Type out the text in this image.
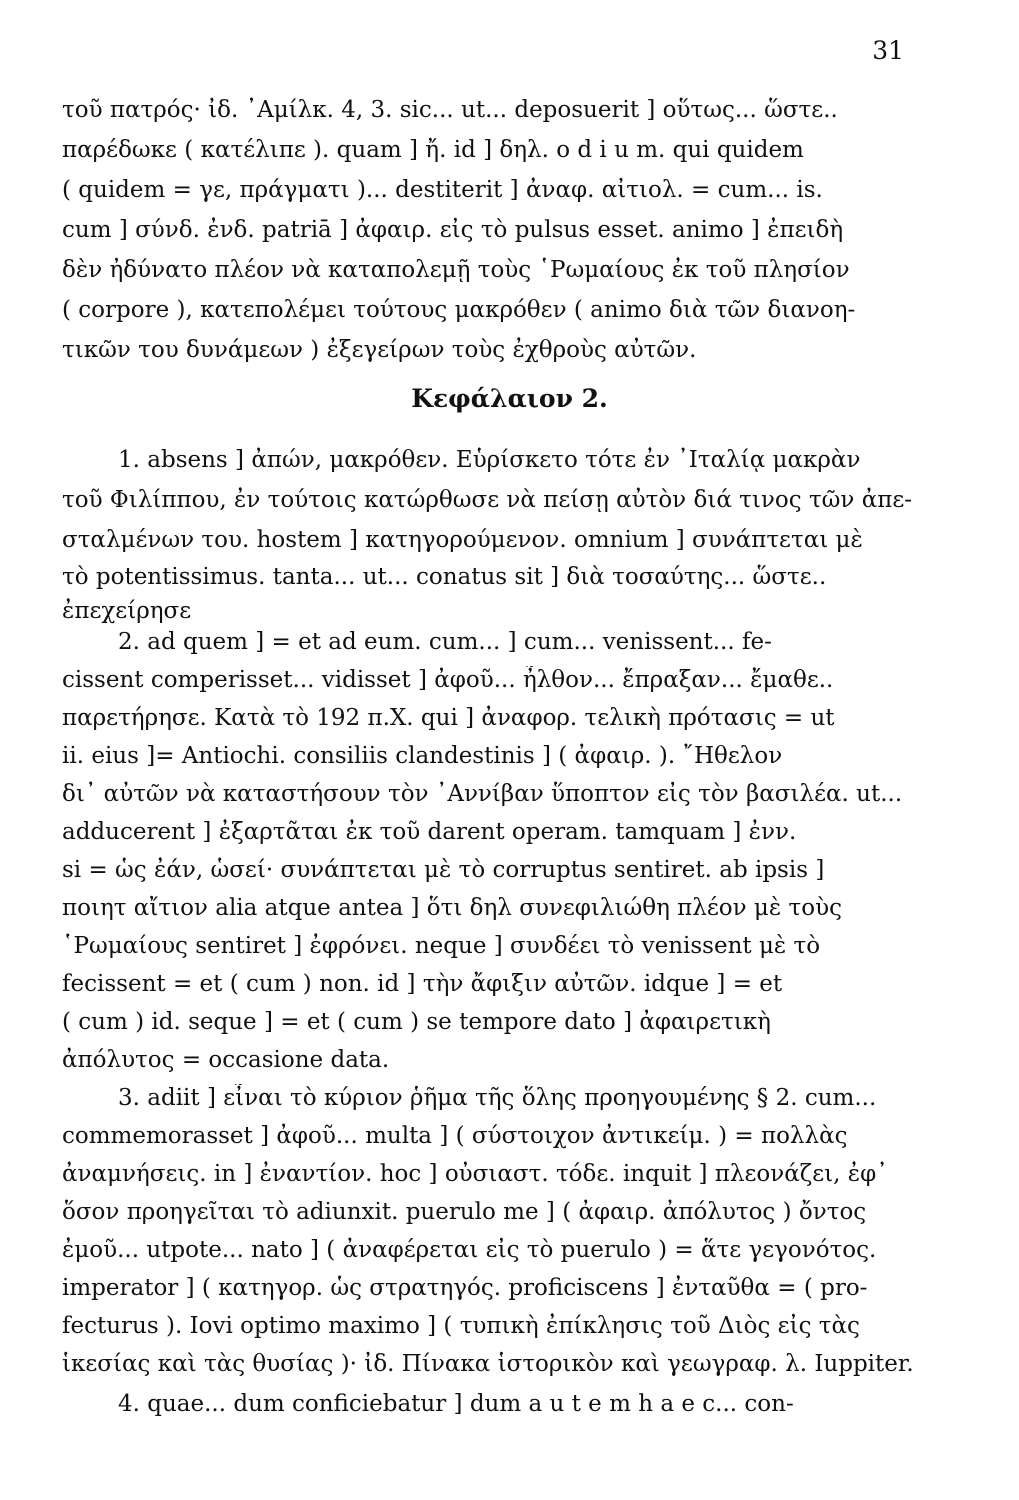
31
τοῦ πατρός· ἰδ. ᾿Αμίλκ. 4, 3. sic... ut... deposuerit ] οὕτως... ὥστε..
παρέδωκε ( κατέλιπε ). quam ] ἤ. id ] δηλ. o d i u m. qui quidem
( quidem = γε, πράγματι )... destiterit ] ἀναφ. αἰτιολ. = cum... is.
cum ] σύνδ. ἐνδ. patriā ] ἀφαιρ. εἰς τὸ pulsus esset. animo ] ἐπειδὴ
δὲν ἠδύνατο πλέον νὰ καταπολεμῇ τοὺς ῾Ρωμαίους ἐκ τοῦ πλησίον
( corpore ), κατεπολέμει τούτους μακρόθεν ( animo διὰ τῶν διανοη-
τικῶν του δυνάμεων ) ἐξεγείρων τοὺς ἐχθροὺς αὐτῶν.
Κεφάλαιον 2.
1. absens ] ἀπών, μακρόθεν. Εὑρίσκετο τότε ἐν ᾿Ιταλίᾳ μακρὰν
τοῦ Φιλίππου, ἐν τούτοις κατώρθωσε νὰ πείσῃ αὐτὸν διά τινος τῶν ἀπε-
σταλμένων του. hostem ] κατηγορούμενον. omnium ] συνάπτεται μὲ
τὸ potentissimus. tanta... ut... conatus sit ] διὰ τοσαύτης... ὥστε..
ἐπεχείρησε
2. ad quem ] = et ad eum. cum... ] cum... venissent... fe-
cissent comperisset... vidisset ] ἀφοῦ... ἦλθον... ἔπραξαν... ἔμαθε..
παρετήρησε. Κατὰ τὸ 192 π.Χ. qui ] ἀναφορ. τελικὴ πρότασις = ut
ii. eius ]= Antiochi. consiliis clandestinis ] ( ἀφαιρ. ). ῎Ηθελον
δι᾿ αὐτῶν νὰ καταστήσουν τὸν ᾿Αννίβαν ὕποπτον εἰς τὸν βασιλέα. ut...
adducerent ] ἐξαρτᾶται ἐκ τοῦ darent operam. tamquam ] ἐνν.
si = ὡς ἐάν, ὡσεί· συνάπτεται μὲ τὸ corruptus sentiret. ab ipsis ]
ποιητ αἴτιον alia atque antea ] ὅτι δηλ συνεφιλιώθη πλέον μὲ τοὺς
῾Ρωμαίους sentiret ] ἐφρόνει. neque ] συνδέει τὸ venissent μὲ τὸ
fecissent = et ( cum ) non. id ] τὴν ἄφιξιν αὐτῶν. idque ] = et
( cum ) id. seque ] = et ( cum ) se tempore dato ] ἀφαιρετικὴ
ἀπόλυτος = occasione data.
3. adiit ] εἶναι τὸ κύριον ῥῆμα τῆς ὅλης προηγουμένης § 2. cum...
commemorasset ] ἀφοῦ... multa ] ( σύστοιχον ἀντικείμ. ) = πολλὰς
ἀναμνήσεις. in ] ἐναντίον. hoc ] οὐσιαστ. τόδε. inquit ] πλεονάζει, ἐφ᾿
ὅσον προηγεῖται τὸ adiunxit. puerulo me ] ( ἀφαιρ. ἀπόλυτος ) ὄντος
ἐμοῦ... utpote... nato ] ( ἀναφέρεται εἰς τὸ puerulo ) = ἅτε γεγονότος.
imperator ] ( κατηγορ. ὡς στρατηγός. proficiscens ] ἐνταῦθα = ( pro-
fecturus ). Iovi optimo maximo ] ( τυπικὴ ἐπίκλησις τοῦ Διὸς εἰς τὰς
ἱκεσίας καὶ τὰς θυσίας )· ἰδ. Πίνακα ἱστορικὸν καὶ γεωγραφ. λ. Iuppiter.
4. quae... dum conficiebatur ] dum a u t e m h a e c... con-
